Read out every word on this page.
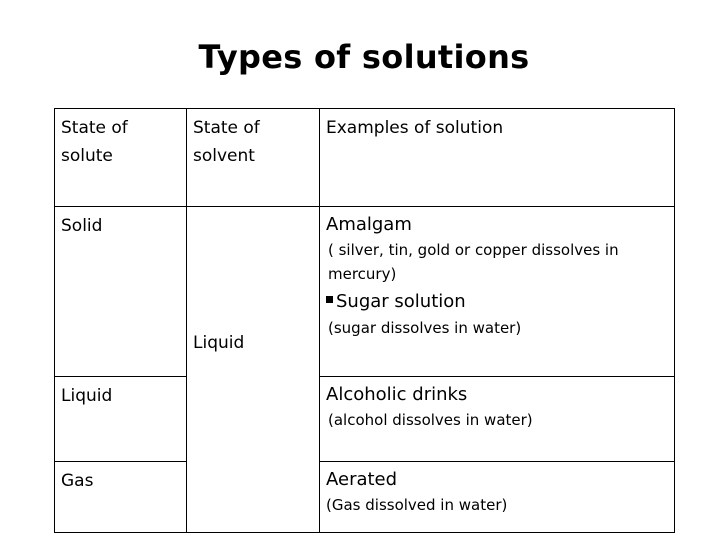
Types of solutions
State of solute	State of solvent	Examples of solution
Solid	Liquid	Amalgam
( silver, tin, gold or copper dissolves in mercury)
Sugar solution
(sugar dissolves in water)

Liquid		Alcoholic drinks
(alcohol dissolves in water)

Gas		Aerated
(Gas dissolved in water)
